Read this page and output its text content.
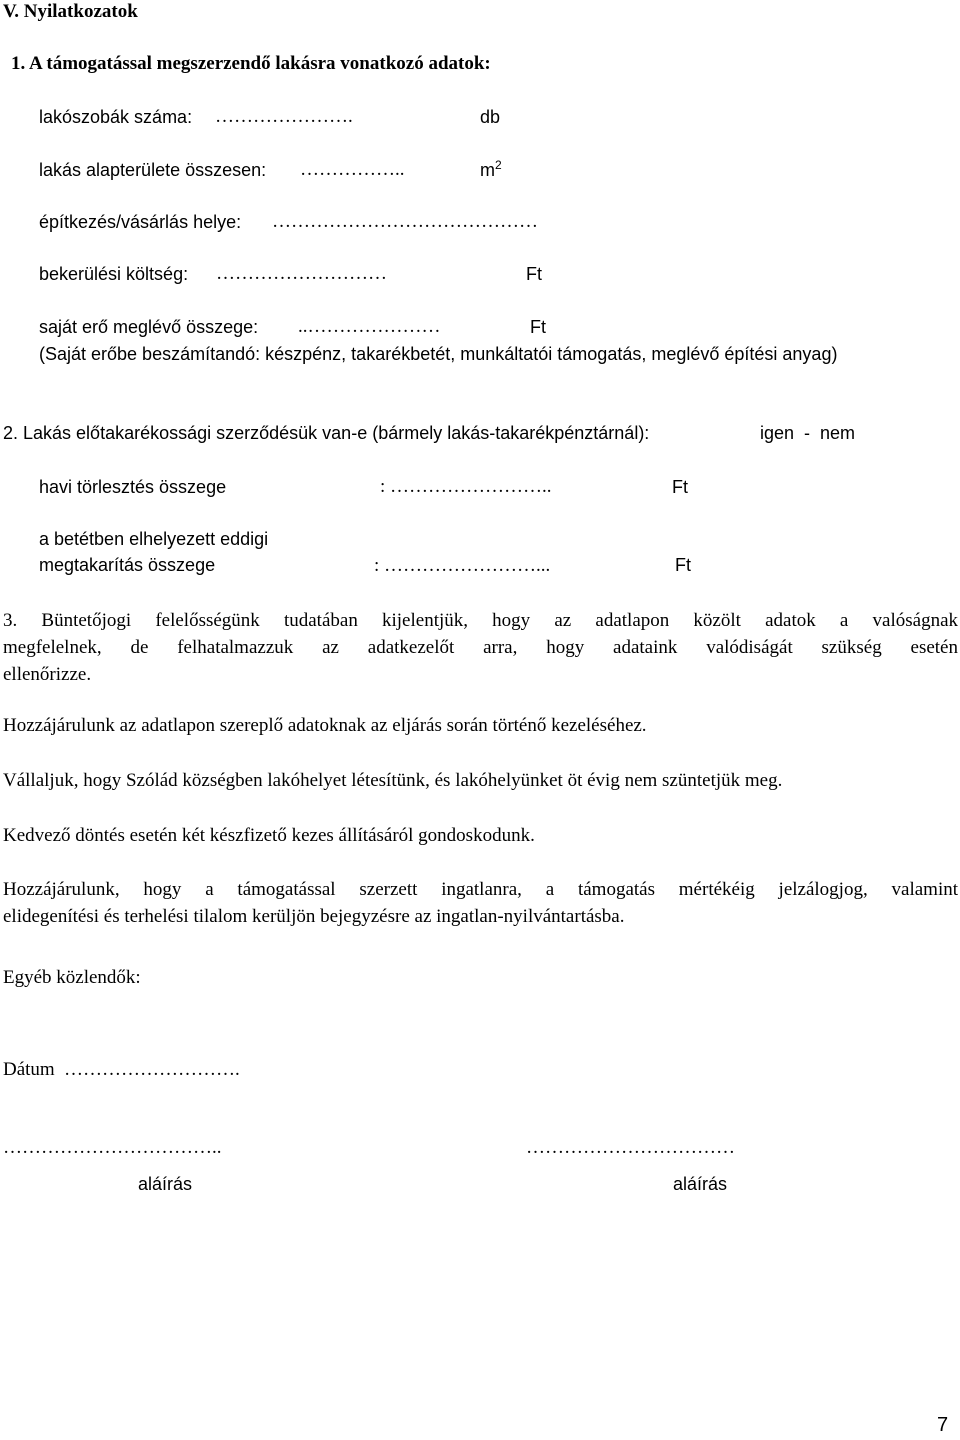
V. Nyilatkozatok
1. A támogatással megszerzendő lakásra vonatkozó adatok:
lakószobák száma: ………………….	db
lakás alapterülete összesen: ……………..	$m^2$
építkezés/vásárlás helye: ……………………………………
bekerülési költség: ………………………	Ft
saját erő meglévő összege: ..…………………	Ft
(Saját erőbe beszámítandó: készpénz, takarékbetét, munkáltatói támogatás, meglévő építési anyag)
2. Lakás előtakarékossági szerződésük van-e (bármely lakás-takarékpénztárnál):	igen  -  nem
havi törlesztés összege	: ……………………..	Ft
a betétben elhelyezett eddigi
megtakarítás összege	: ……………………...	Ft
3. Büntetőjogi felelősségünk tudatában kijelentjük, hogy az adatlapon közölt adatok a valóságnak
megfelelnek, de felhatalmazzuk az adatkezelőt arra, hogy adataink valódiságát szükség esetén
ellenőrizze.
Hozzájárulunk az adatlapon szereplő adatoknak az eljárás során történő kezeléséhez.
Vállaljuk, hogy Szólád községben lakóhelyet létesítünk, és lakóhelyünket öt évig nem szüntetjük meg.
Kedvező döntés esetén két készfizető kezes állításáról gondoskodunk.
Hozzájárulunk, hogy a támogatással szerzett ingatlanra, a támogatás mértékéig jelzálogjog, valamint
elidegenítési és terhelési tilalom kerüljön bejegyzésre az ingatlan-nyilvántartásba.
Egyéb közlendők:
Dátum ……………………….
……………………………..	……………………………
aláírás	aláírás
7
